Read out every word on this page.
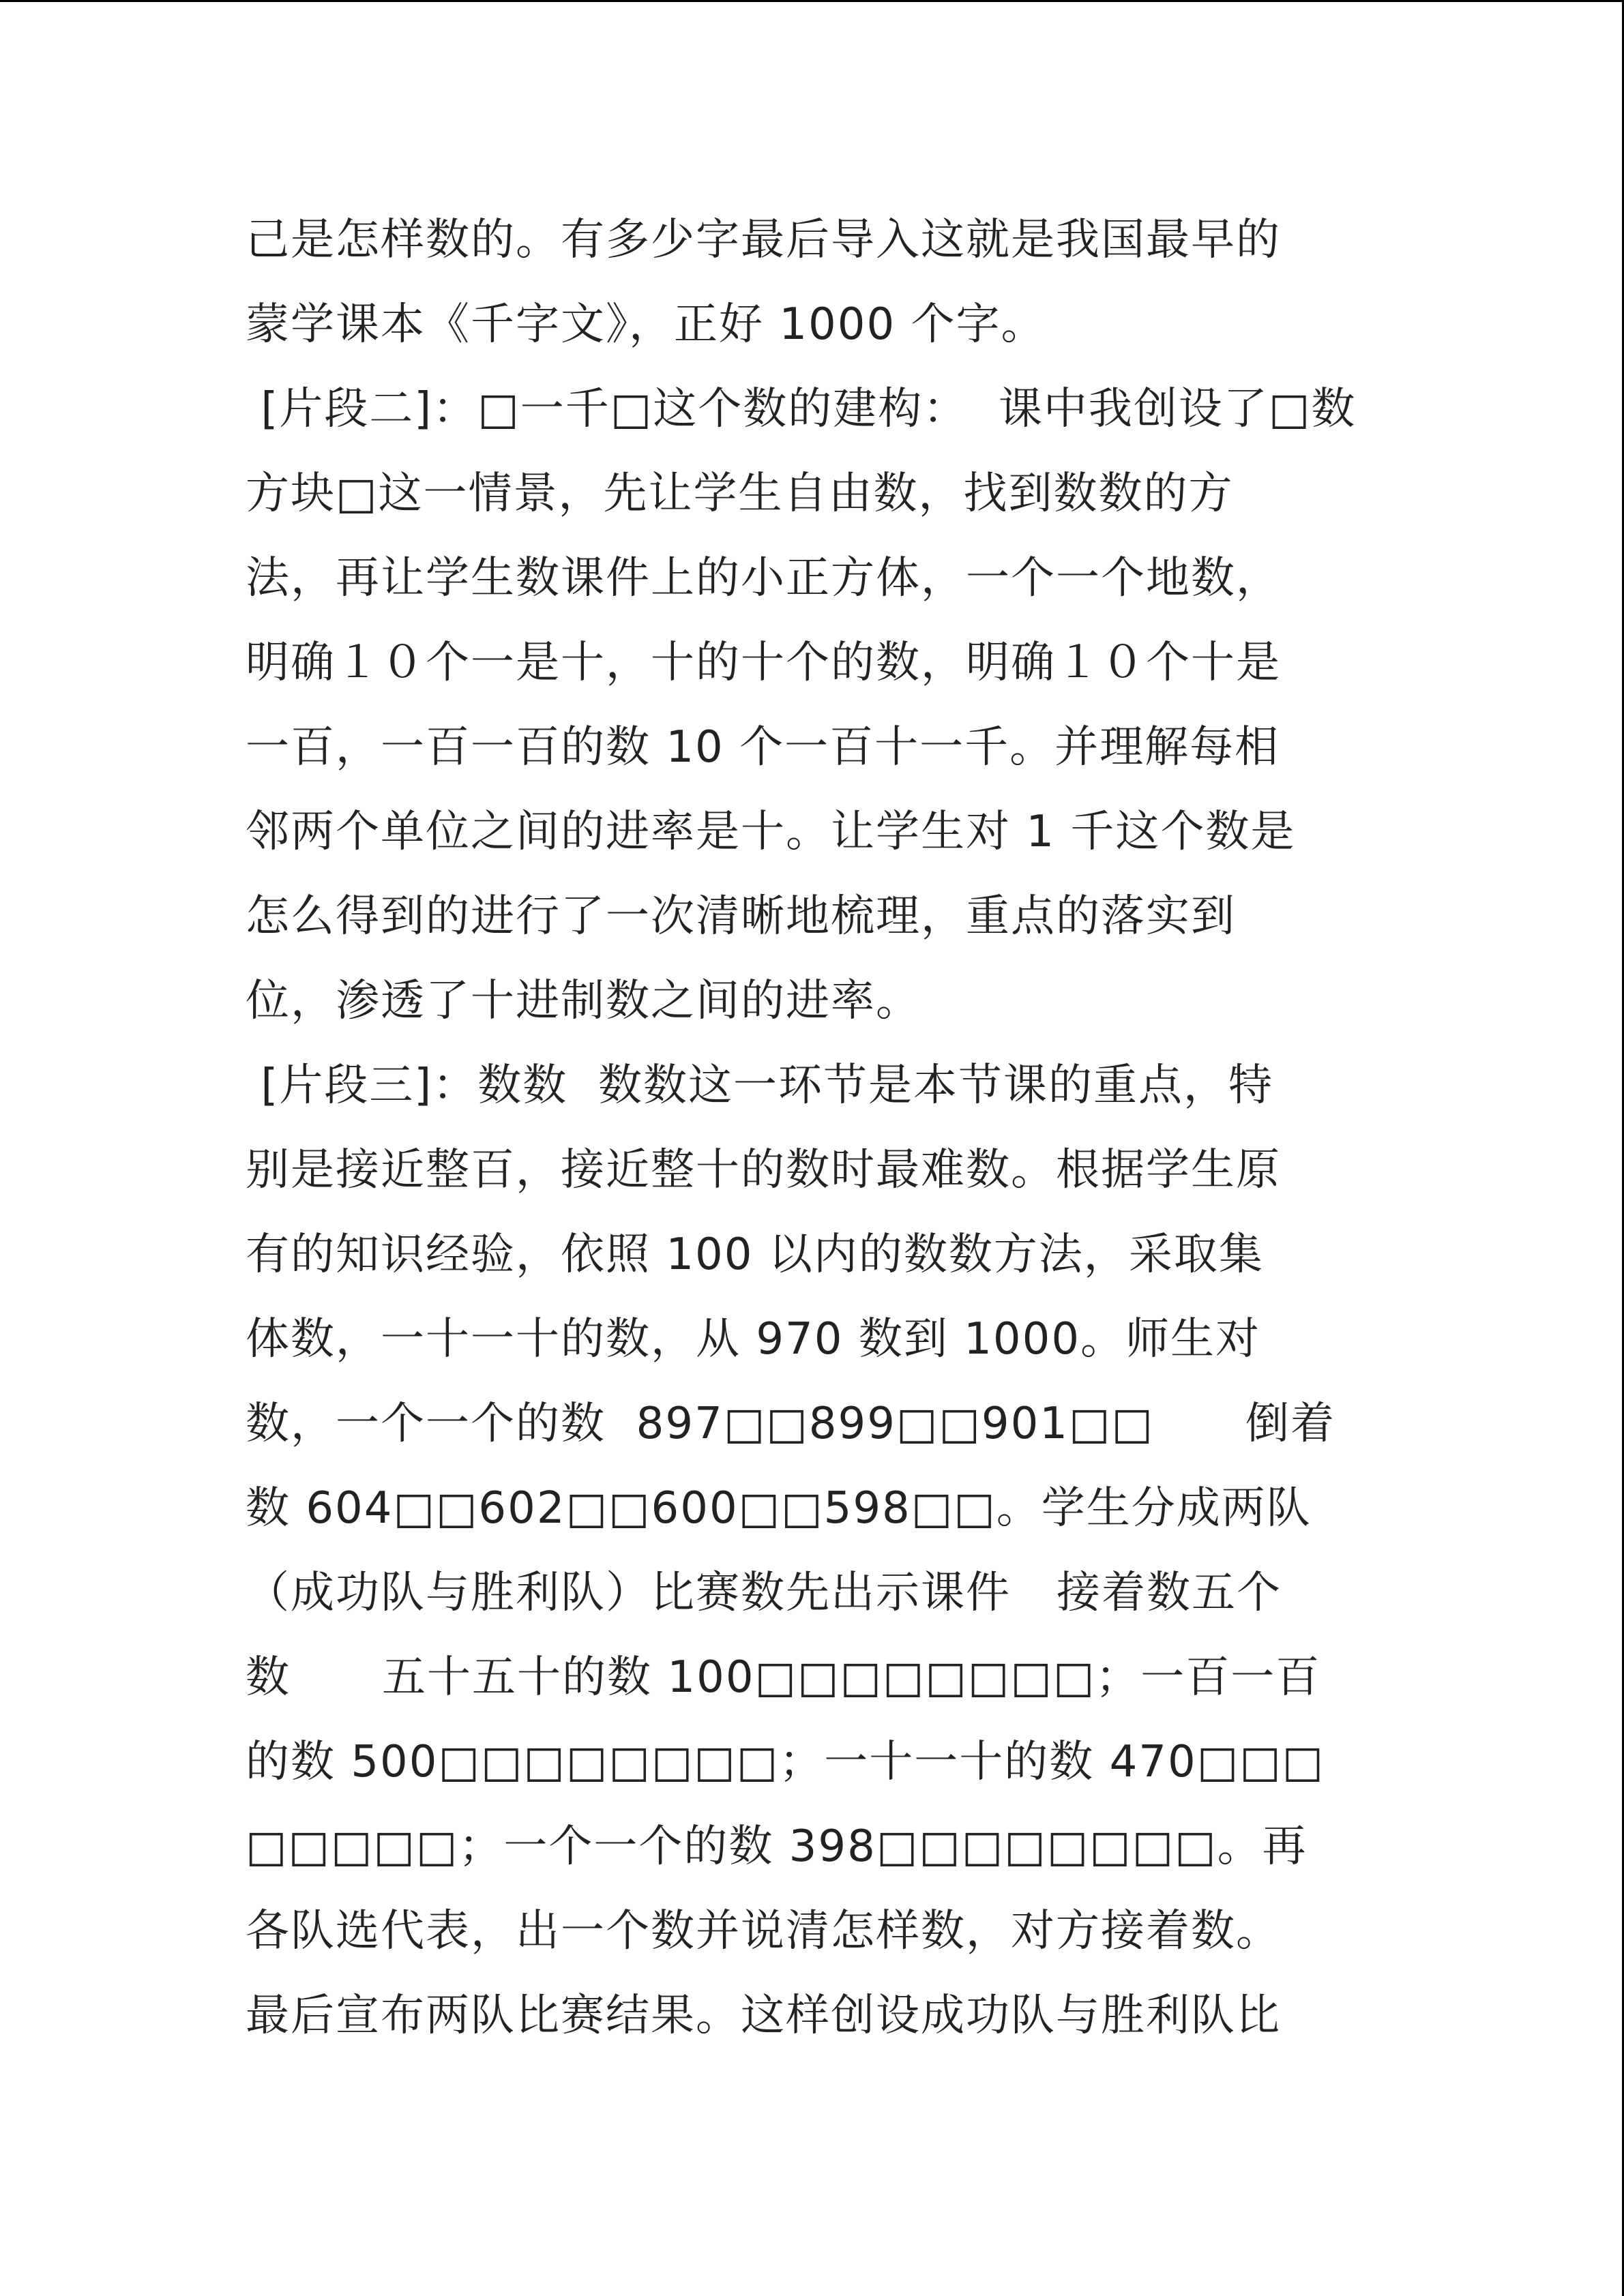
己是怎样数的。有多少字最后导入这就是我国最早的
蒙学课本《千字文》，正好 1000 个字。
[片段二]：□一千□这个数的建构：  课中我创设了□数
方块□这一情景，先让学生自由数，找到数数的方
法，再让学生数课件上的小正方体，一个一个地数，
明确１０个一是十，十的十个的数，明确１０个十是
一百，一百一百的数 10 个一百十一千。并理解每相
邻两个单位之间的进率是十。让学生对 1 千这个数是
怎么得到的进行了一次清晰地梳理，重点的落实到
位，渗透了十进制数之间的进率。
[片段三]：数数  数数这一环节是本节课的重点，特
别是接近整百，接近整十的数时最难数。根据学生原
有的知识经验，依照 100 以内的数数方法，采取集
体数，一十一十的数，从 970 数到 1000。师生对
数，一个一个的数  897□□899□□901□□      倒着
数 604□□602□□600□□598□□。学生分成两队
（成功队与胜利队）比赛数先出示课件   接着数五个
数      五十五十的数 100□□□□□□□□；一百一百
的数 500□□□□□□□□；一十一十的数 470□□□
□□□□□；一个一个的数 398□□□□□□□□。再
各队选代表，出一个数并说清怎样数，对方接着数。
最后宣布两队比赛结果。这样创设成功队与胜利队比
